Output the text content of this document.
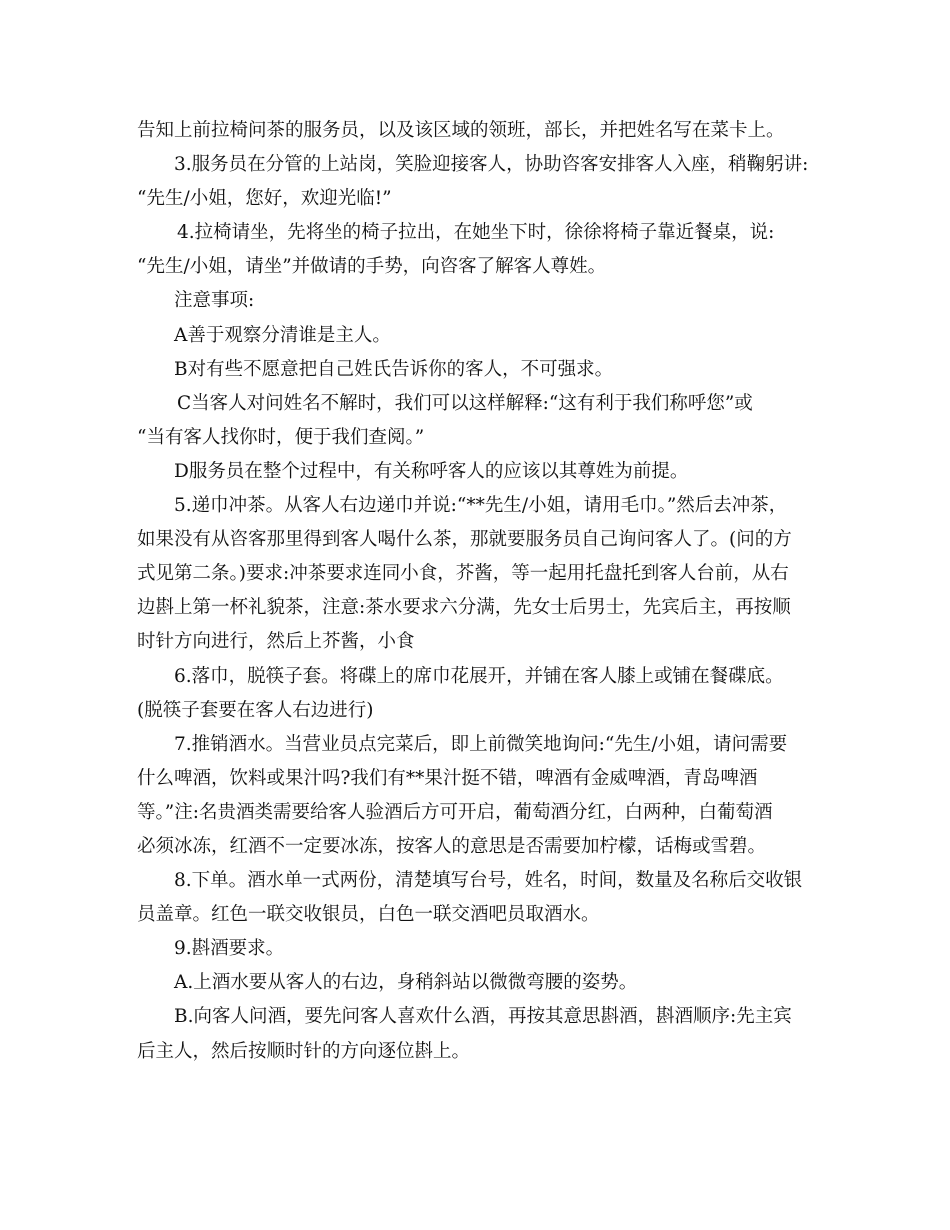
告知上前拉椅问茶的服务员，以及该区域的领班，部长，并把姓名写在菜卡上。
3.服务员在分管的上站岗，笑脸迎接客人，协助咨客安排客人入座，稍鞠躬讲:
“先生/小姐，您好，欢迎光临!”
4.拉椅请坐，先将坐的椅子拉出，在她坐下时，徐徐将椅子靠近餐桌，说:
“先生/小姐，请坐”并做请的手势，向咨客了解客人尊姓。
注意事项:
A善于观察分清谁是主人。
B对有些不愿意把自己姓氏告诉你的客人，不可强求。
C当客人对问姓名不解时，我们可以这样解释:“这有利于我们称呼您”或
“当有客人找你时，便于我们查阅。”
D服务员在整个过程中，有关称呼客人的应该以其尊姓为前提。
5.递巾冲茶。从客人右边递巾并说:“**先生/小姐，请用毛巾。”然后去冲茶，
如果没有从咨客那里得到客人喝什么茶，那就要服务员自己询问客人了。(问的方
式见第二条。)要求:冲茶要求连同小食，芥酱，等一起用托盘托到客人台前，从右
边斟上第一杯礼貌茶，注意:茶水要求六分满，先女士后男士，先宾后主，再按顺
时针方向进行，然后上芥酱，小食
6.落巾，脱筷子套。将碟上的席巾花展开，并铺在客人膝上或铺在餐碟底。
(脱筷子套要在客人右边进行)
7.推销酒水。当营业员点完菜后，即上前微笑地询问:“先生/小姐，请问需要
什么啤酒，饮料或果汁吗?我们有**果汁挺不错，啤酒有金威啤酒，青岛啤酒
等。”注:名贵酒类需要给客人验酒后方可开启，葡萄酒分红，白两种，白葡萄酒
必须冰冻，红酒不一定要冰冻，按客人的意思是否需要加柠檬，话梅或雪碧。
8.下单。酒水单一式两份，清楚填写台号，姓名，时间，数量及名称后交收银
员盖章。红色一联交收银员，白色一联交酒吧员取酒水。
9.斟酒要求。
A.上酒水要从客人的右边，身稍斜站以微微弯腰的姿势。
B.向客人问酒，要先问客人喜欢什么酒，再按其意思斟酒，斟酒顺序:先主宾
后主人，然后按顺时针的方向逐位斟上。
